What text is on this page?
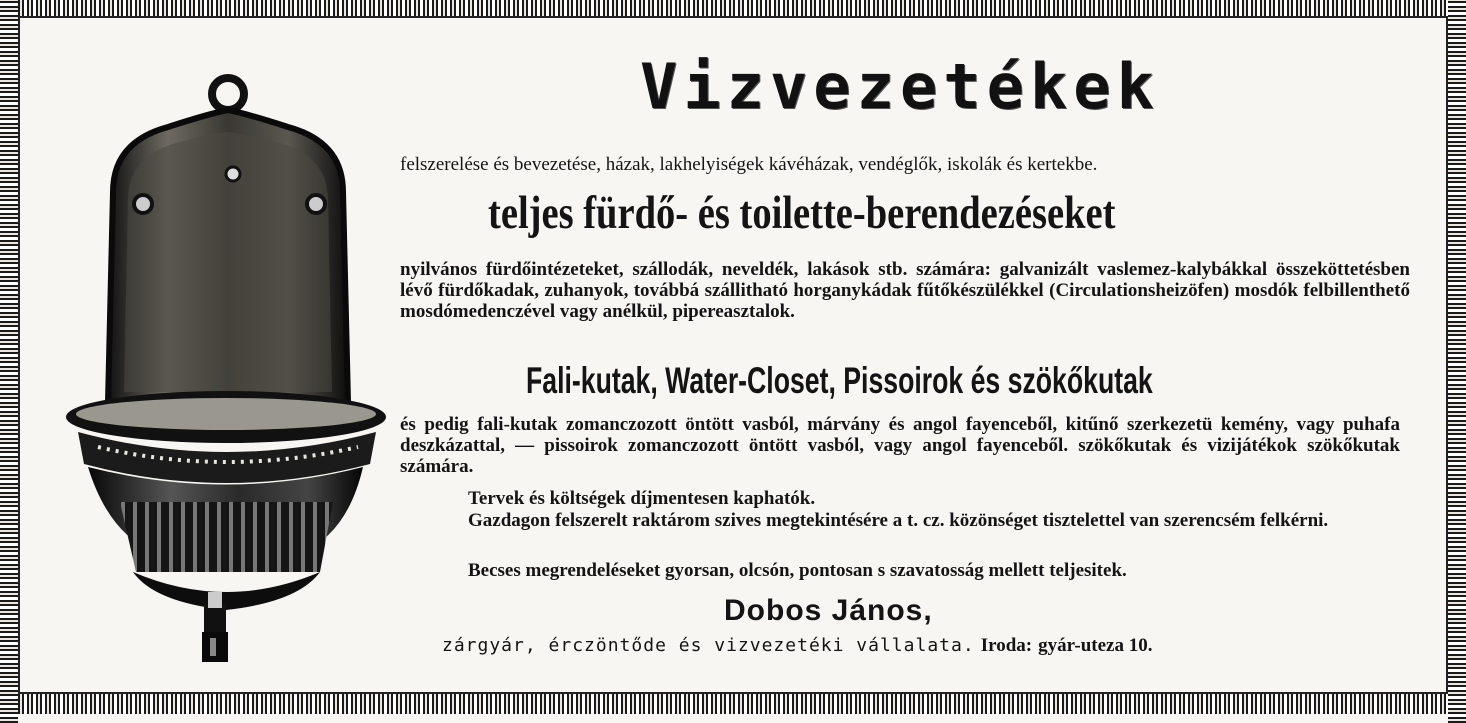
Vizvezetékek
felszerelése és bevezetése, házak, lakhelyiségek kávéházak, vendéglők, iskolák és kertekbe.
teljes fürdő- és toilette-berendezéseket
nyilvános fürdőintézeteket, szállodák, neveldék, lakások stb. számára: galvanizált vaslemez-kalybákkal összeköttetésben lévő fürdőkadak, zuhanyok, továbbá szállitható horganykádak fűtőkészülékkel (Circulationsheizöfen) mosdók felbillenthető mosdómedenczével vagy anélkül, pipereasztalok.
Fali-kutak, Water-Closet, Pissoirok és szökőkutak
és pedig fali-kutak zomanczozott öntött vasból, márvány és angol fayenceből, kitűnő szerkezetü kemény, vagy puhafa deszkázattal, — pissoirok zomanczozott öntött vasból, vagy angol fayenceből. szökőkutak és vizijátékok szökőkutak számára.
Tervek és költségek díjmentesen kaphatók.
Gazdagon felszerelt raktárom szives megtekintésére a t. cz. közönséget tisztelettel van szerencsém felkérni.
Becses megrendeléseket gyorsan, olcsón, pontosan s szavatosság mellett teljesitek.
Dobos János,
zárgyár, érczöntőde és vizvezetéki vállalata. Iroda: gyár-uteza 10.
